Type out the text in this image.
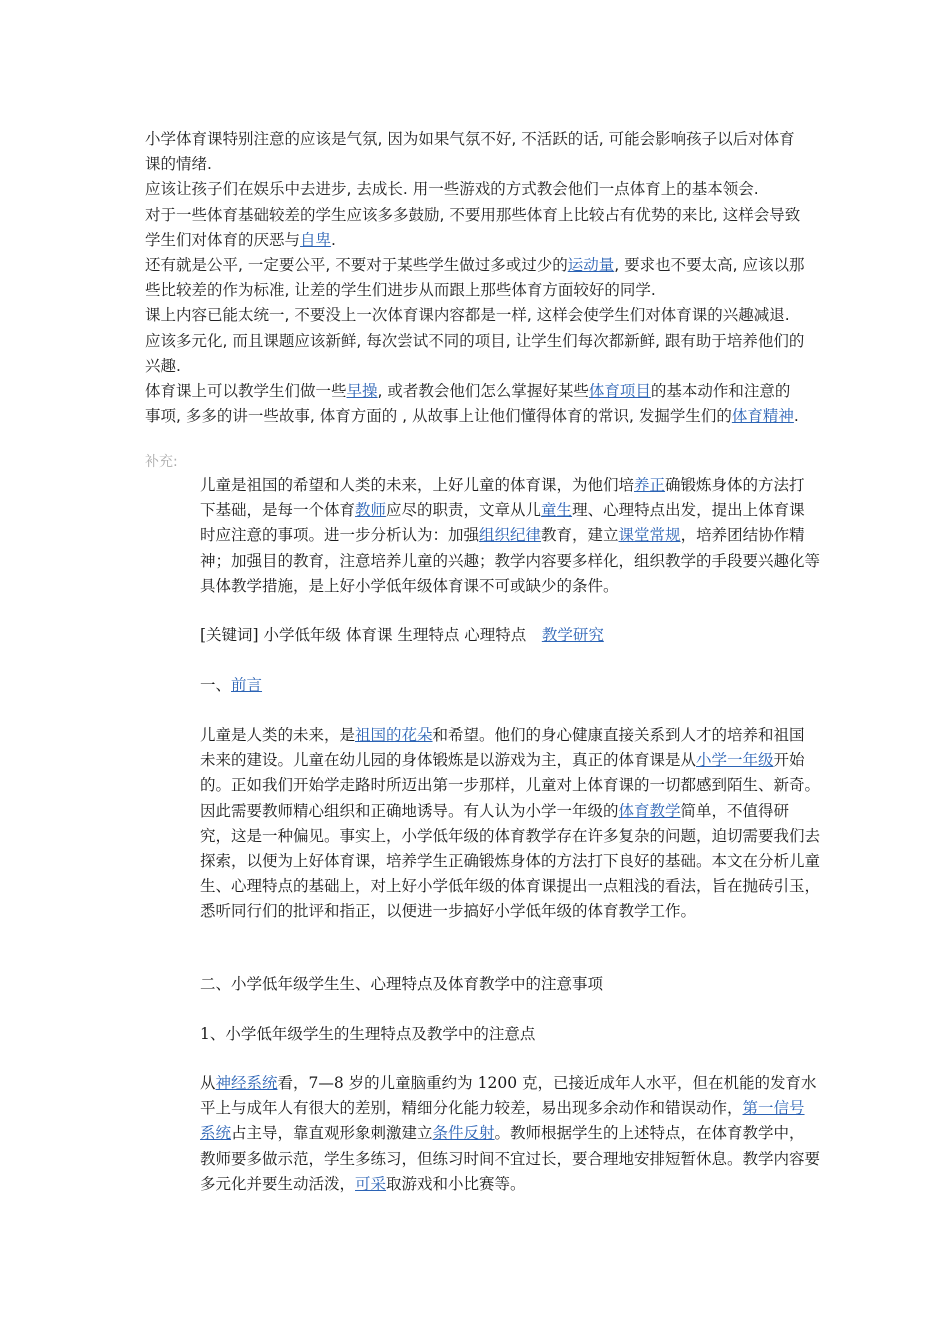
小学体育课特别注意的应该是气氛, 因为如果气氛不好, 不活跃的话, 可能会影响孩子以后对体育课的情绪.

应该让孩子们在娱乐中去进步, 去成长. 用一些游戏的方式教会他们一点体育上的基本领会.

对于一些体育基础较差的学生应该多多鼓励, 不要用那些体育上比较占有优势的来比, 这样会导致学生们对体育的厌恶与自卑.

还有就是公平, 一定要公平, 不要对于某些学生做过多或过少的运动量, 要求也不要太高, 应该以那些比较差的作为标准, 让差的学生们进步从而跟上那些体育方面较好的同学.

课上内容已能太统一, 不要没上一次体育课内容都是一样, 这样会使学生们对体育课的兴趣减退. 应该多元化, 而且课题应该新鲜, 每次尝试不同的项目, 让学生们每次都新鲜, 跟有助于培养他们的兴趣.

体育课上可以教学生们做一些早操, 或者教会他们怎么掌握好某些体育项目的基本动作和注意的事项, 多多的讲一些故事, 体育方面的 , 从故事上让他们懂得体育的常识, 发掘学生们的体育精神.

补充:

儿童是祖国的希望和人类的未来，上好儿童的体育课，为他们培养正确锻炼身体的方法打下基础，是每一个体育教师应尽的职责，文章从儿童生理、心理特点出发，提出上体育课时应注意的事项。进一步分析认为：加强组织纪律教育，建立课堂常规，培养团结协作精神；加强目的教育，注意培养儿童的兴趣；教学内容要多样化，组织教学的手段要兴趣化等具体教学措施，是上好小学低年级体育课不可或缺少的条件。

[关键词] 小学低年级 体育课 生理特点 心理特点　教学研究

一、前言

儿童是人类的未来，是祖国的花朵和希望。他们的身心健康直接关系到人才的培养和祖国未来的建设。儿童在幼儿园的身体锻炼是以游戏为主，真正的体育课是从小学一年级开始的。正如我们开始学走路时所迈出第一步那样，儿童对上体育课的一切都感到陌生、新奇。因此需要教师精心组织和正确地诱导。有人认为小学一年级的体育教学简单，不值得研究，这是一种偏见。事实上，小学低年级的体育教学存在许多复杂的问题，迫切需要我们去探索，以便为上好体育课，培养学生正确锻炼身体的方法打下良好的基础。本文在分析儿童生、心理特点的基础上，对上好小学低年级的体育课提出一点粗浅的看法，旨在抛砖引玉，悉听同行们的批评和指正，以便进一步搞好小学低年级的体育教学工作。

二、小学低年级学生生、心理特点及体育教学中的注意事项

1、小学低年级学生的生理特点及教学中的注意点

从神经系统看，7—8 岁的儿童脑重约为 1200 克，已接近成年人水平，但在机能的发育水平上与成年人有很大的差别，精细分化能力较差，易出现多余动作和错误动作，第一信号系统占主导，靠直观形象刺激建立条件反射。教师根据学生的上述特点，在体育教学中，教师要多做示范，学生多练习，但练习时间不宜过长，要合理地安排短暂休息。教学内容要多元化并要生动活泼，可采取游戏和小比赛等。
